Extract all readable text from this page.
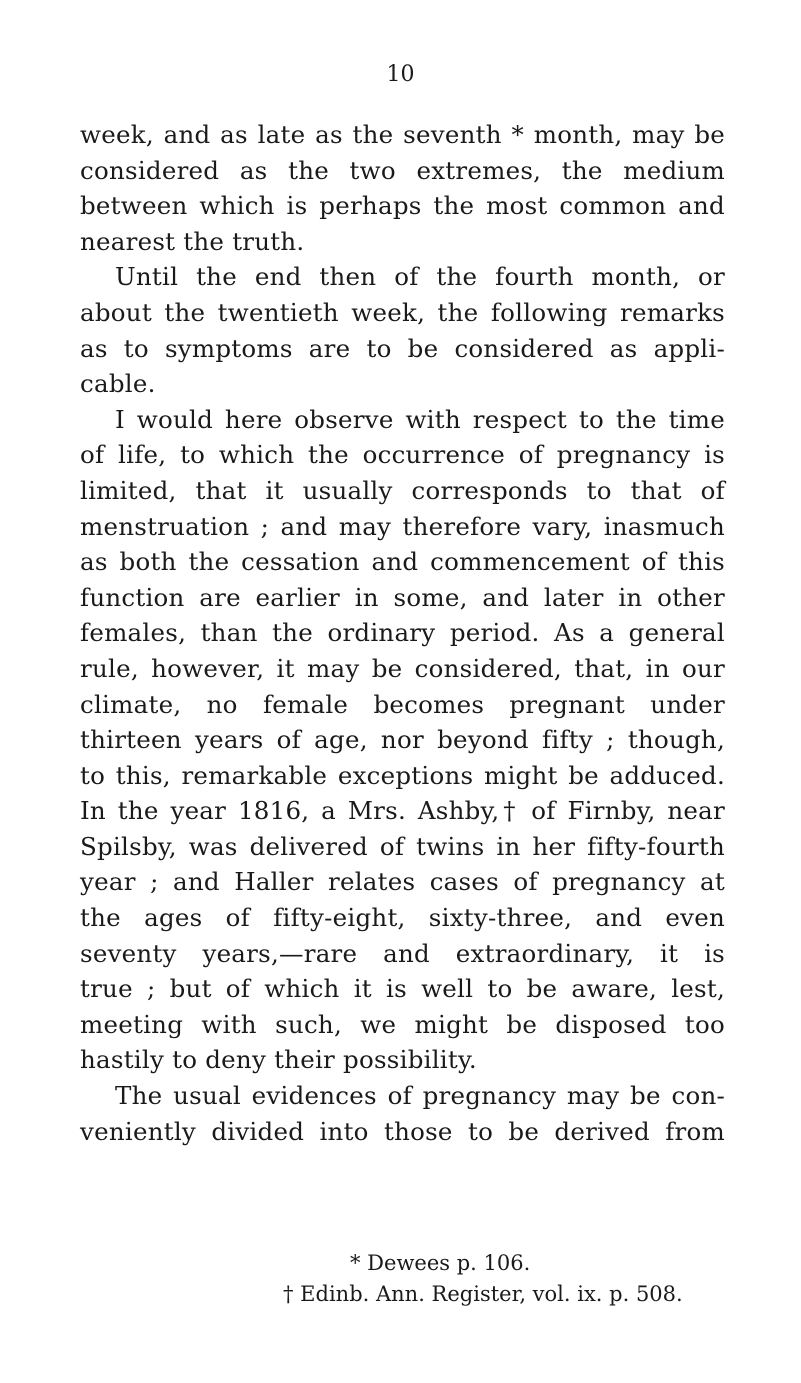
10
week, and as late as the seventh * month, may be
considered as the two extremes, the medium
between which is perhaps the most common and
nearest the truth.
Until the end then of the fourth month, or
about the twentieth week, the following remarks
as to symptoms are to be considered as appli-
cable.
I would here observe with respect to the time
of life, to which the occurrence of pregnancy is
limited, that it usually corresponds to that of
menstruation ; and may therefore vary, inasmuch
as both the cessation and commencement of this
function are earlier in some, and later in other
females, than the ordinary period. As a general
rule, however, it may be considered, that, in our
climate, no female becomes pregnant under
thirteen years of age, nor beyond fifty ; though,
to this, remarkable exceptions might be adduced.
In the year 1816, a Mrs. Ashby,† of Firnby, near
Spilsby, was delivered of twins in her fifty-fourth
year ; and Haller relates cases of pregnancy at
the ages of fifty-eight, sixty-three, and even
seventy years,—rare and extraordinary, it is
true ; but of which it is well to be aware, lest,
meeting with such, we might be disposed too
hastily to deny their possibility.
The usual evidences of pregnancy may be con-
veniently divided into those to be derived from
* Dewees p. 106.
† Edinb. Ann. Register, vol. ix. p. 508.
